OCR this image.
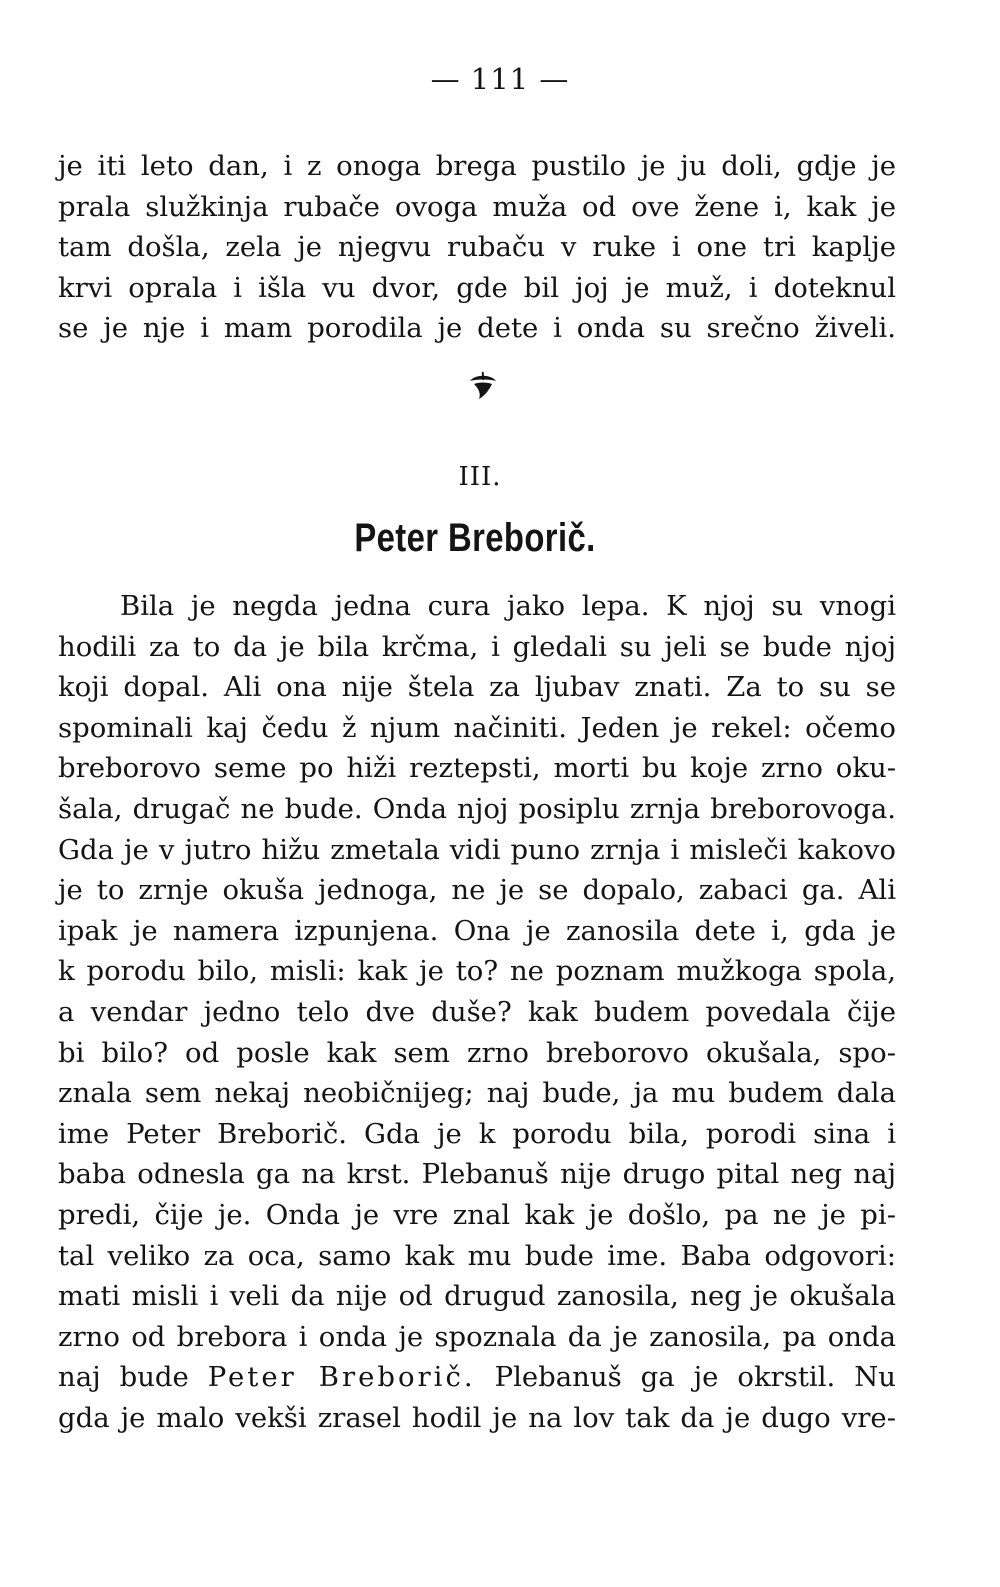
— 111 —
je iti leto dan, i z onoga brega pustilo je ju doli, gdje je
prala služkinja rubače ovoga muža od ove žene i, kak je
tam došla, zela je njegvu rubaču v ruke i one tri kaplje
krvi oprala i išla vu dvor, gde bil joj je muž, i doteknul
se je nje i mam porodila je dete i onda su srečno živeli.
III.
Peter Breborič.
Bila je negda jedna cura jako lepa. K njoj su vnogi
hodili za to da je bila krčma, i gledali su jeli se bude njoj
koji dopal. Ali ona nije štela za ljubav znati. Za to su se
spominali kaj čedu ž njum načiniti. Jeden je rekel: očemo
breborovo seme po hiži reztepsti, morti bu koje zrno oku-
šala, drugač ne bude. Onda njoj posiplu zrnja breborovoga.
Gda je v jutro hižu zmetala vidi puno zrnja i misleči kakovo
je to zrnje okuša jednoga, ne je se dopalo, zabaci ga. Ali
ipak je namera izpunjena. Ona je zanosila dete i, gda je
k porodu bilo, misli: kak je to? ne poznam mužkoga spola,
a vendar jedno telo dve duše? kak budem povedala čije
bi bilo? od posle kak sem zrno breborovo okušala, spo-
znala sem nekaj neobičnijeg; naj bude, ja mu budem dala
ime Peter Breborič. Gda je k porodu bila, porodi sina i
baba odnesla ga na krst. Plebanuš nije drugo pital neg naj
predi, čije je. Onda je vre znal kak je došlo, pa ne je pi-
tal veliko za oca, samo kak mu bude ime. Baba odgovori:
mati misli i veli da nije od drugud zanosila, neg je okušala
zrno od brebora i onda je spoznala da je zanosila, pa onda
naj bude Peter Breborič. Plebanuš ga je okrstil. Nu
gda je malo vekši zrasel hodil je na lov tak da je dugo vre-
